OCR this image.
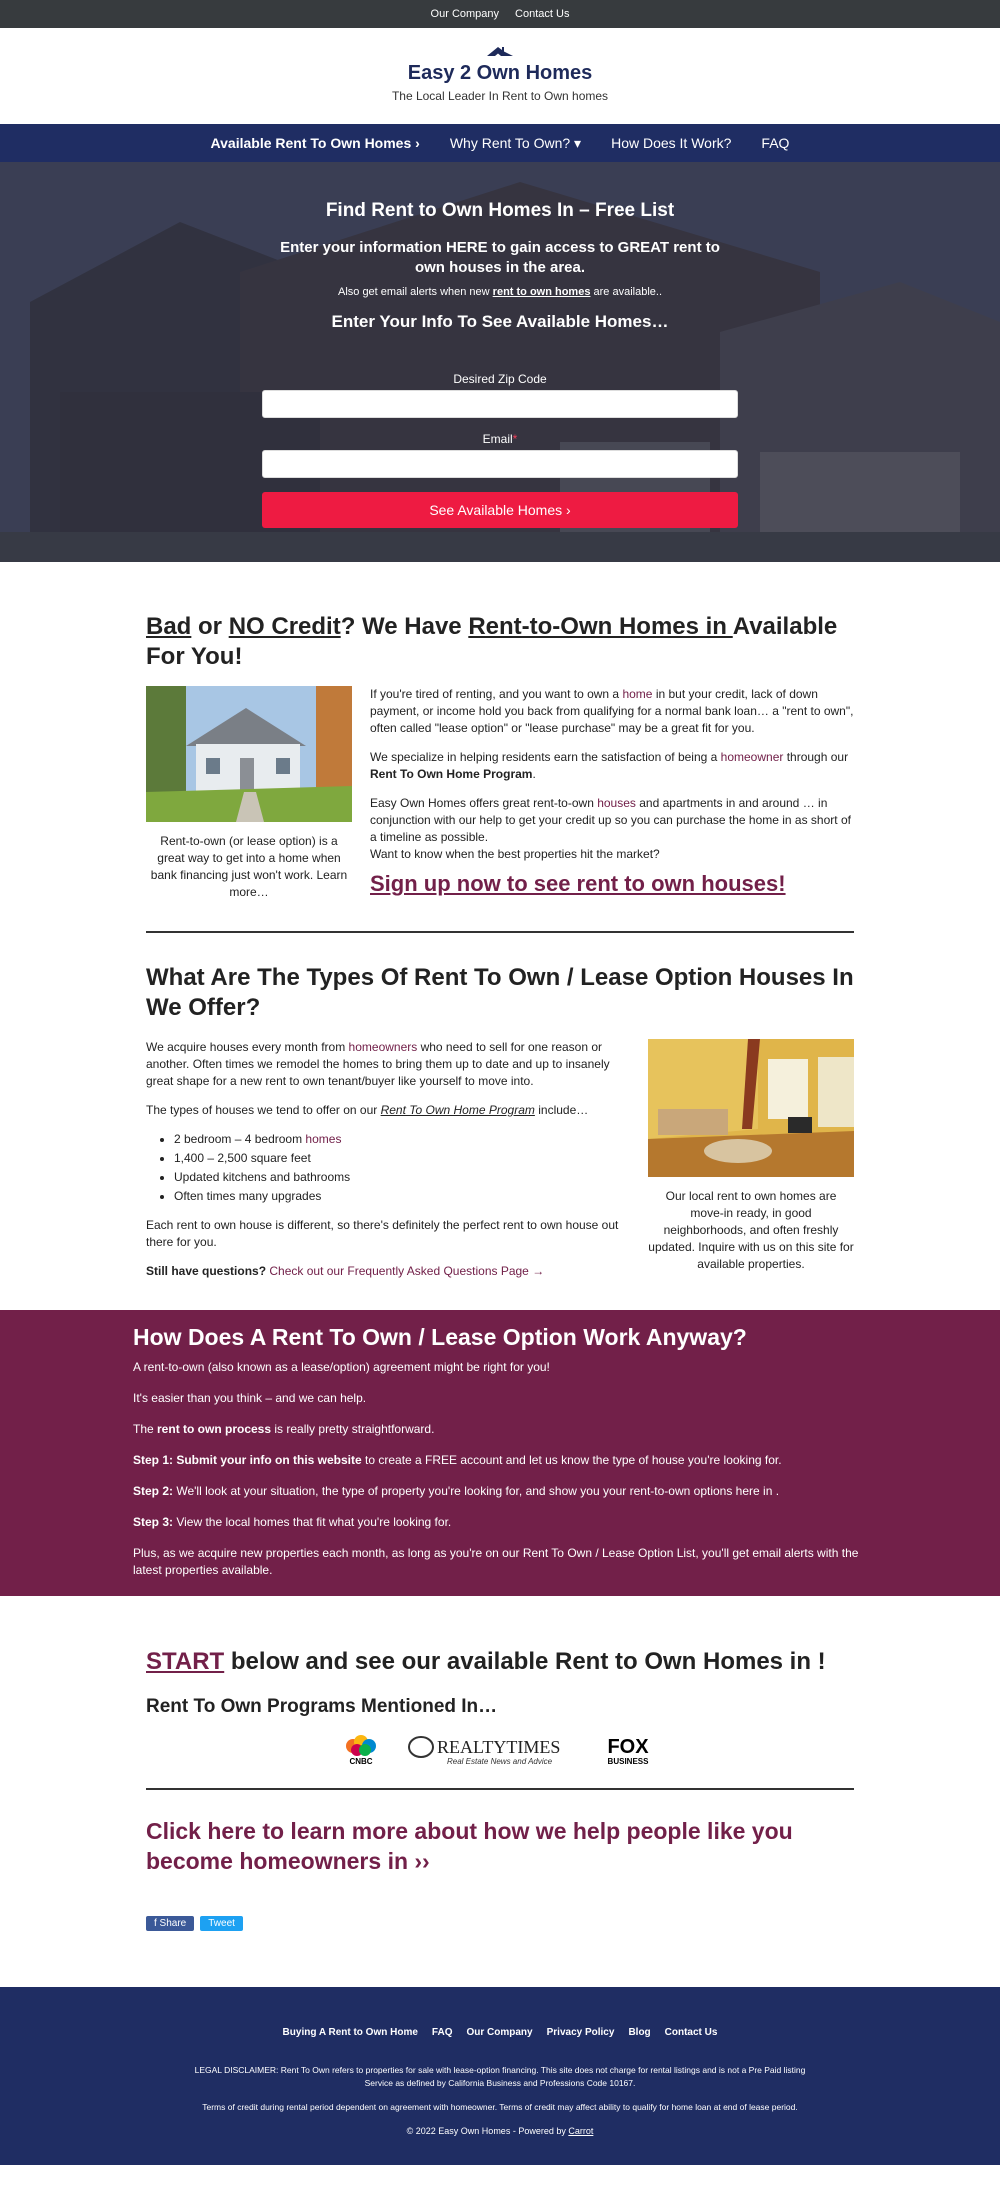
Our Company Contact Us
Easy 2 Own Homes
The Local Leader In Rent to Own homes
Available Rent To Own Homes › Why Rent To Own? ▾ How Does It Work? FAQ
Find Rent to Own Homes In – Free List
Enter your information HERE to gain access to GREAT rent to own houses in the area.
Also get email alerts when new rent to own homes are available..
Enter Your Info To See Available Homes…
Desired Zip Code
Email*
See Available Homes ›
Bad or NO Credit? We Have Rent-to-Own Homes in Available For You!
Rent-to-own (or lease option) is a great way to get into a home when bank financing just won't work. Learn more…

If you're tired of renting, and you want to own a home in but your credit, lack of down payment, or income hold you back from qualifying for a normal bank loan… a "rent to own", often called "lease option" or "lease purchase" may be a great fit for you.

We specialize in helping residents earn the satisfaction of being a homeowner through our Rent To Own Home Program.

Easy Own Homes offers great rent-to-own houses and apartments in and around … in conjunction with our help to get your credit up so you can purchase the home in as short of a timeline as possible.
Want to know when the best properties hit the market?

Sign up now to see rent to own houses!
What Are The Types Of Rent To Own / Lease Option Houses In We Offer?

We acquire houses every month from homeowners who need to sell for one reason or another. Often times we remodel the homes to bring them up to date and up to insanely great shape for a new rent to own tenant/buyer like yourself to move into.

The types of houses we tend to offer on our Rent To Own Home Program include…

• 2 bedroom – 4 bedroom homes
• 1,400 – 2,500 square feet
• Updated kitchens and bathrooms
• Often times many upgrades

Each rent to own house is different, so there's definitely the perfect rent to own house out there for you.

Still have questions? Check out our Frequently Asked Questions Page →

Our local rent to own homes are move-in ready, in good neighborhoods, and often freshly updated. Inquire with us on this site for available properties.
How Does A Rent To Own / Lease Option Work Anyway?

A rent-to-own (also known as a lease/option) agreement might be right for you!

It's easier than you think – and we can help.

The rent to own process is really pretty straightforward.

Step 1: Submit your info on this website to create a FREE account and let us know the type of house you're looking for.

Step 2: We'll look at your situation, the type of property you're looking for, and show you your rent-to-own options here in .

Step 3: View the local homes that fit what you're looking for.

Plus, as we acquire new properties each month, as long as you're on our Rent To Own / Lease Option List, you'll get email alerts with the latest properties available.

START below and see our available Rent to Own Homes in !
Rent To Own Programs Mentioned In…
CNBC
REALTYTIMES
Real Estate News and Advice
FOX
BUSINESS
Click here to learn more about how we help people like you become homeowners in ››
f Share	Tweet
Buying A Rent to Own Home FAQ Our Company Privacy Policy Blog Contact Us
LEGAL DISCLAIMER: Rent To Own refers to properties for sale with lease-option financing. This site does not charge for rental listings and is not a Pre Paid listing Service as defined by California Business and Professions Code 10167.
Terms of credit during rental period dependent on agreement with homeowner. Terms of credit may affect ability to qualify for home loan at end of lease period.
© 2022 Easy Own Homes - Powered by Carrot
